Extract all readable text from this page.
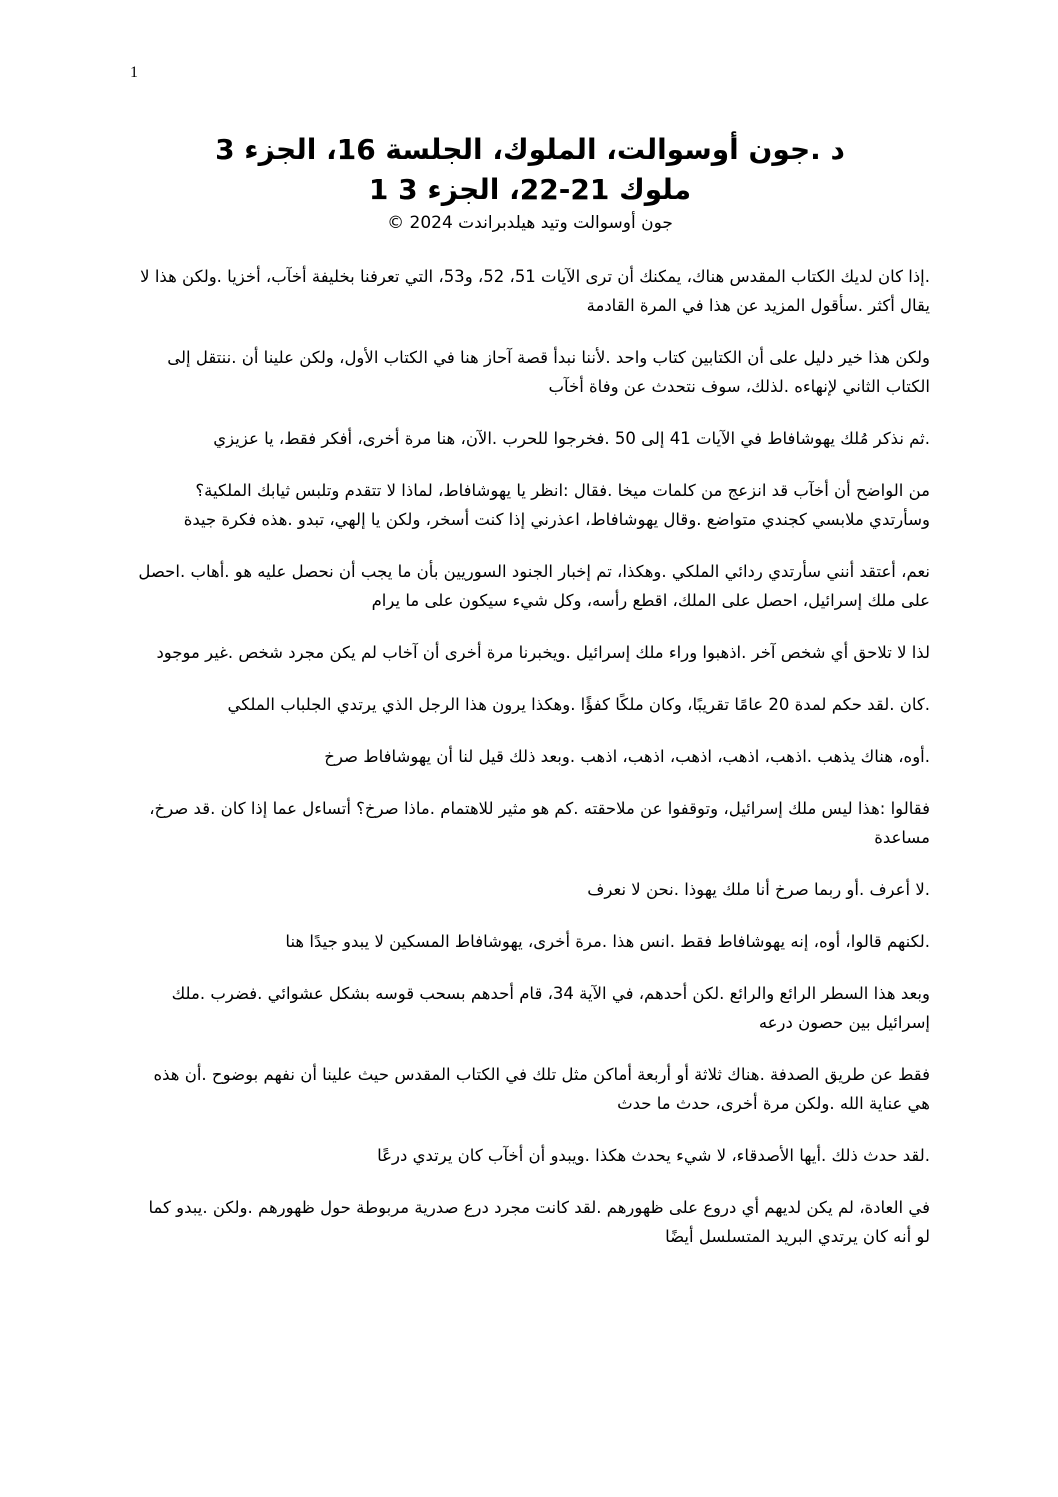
1

د .جون أوسوالت، الملوك، الجلسة 16، الجزء 3

ملوك 21-22، الجزء 3 1

جون أوسوالت وتيد هيلدبراندت 2024 ©

.إذا كان لديك الكتاب المقدس هناك، يمكنك أن ترى الآيات 51، 52، و53، التي تعرفنا بخليفة أخآب، أخزيا .ولكن هذا لا يقال أكثر .سأقول المزيد عن هذا في المرة القادمة

ولكن هذا خير دليل على أن الكتابين كتاب واحد .لأننا نبدأ قصة آحاز هنا في الكتاب الأول، ولكن علينا أن .ننتقل إلى الكتاب الثاني لإنهاءه .لذلك، سوف نتحدث عن وفاة أخآب

.ثم نذكر مُلك يهوشافاط في الآيات 41 إلى 50 .فخرجوا للحرب .الآن، هنا مرة أخرى، أفكر فقط، يا عزيزي

من الواضح أن أخآب قد انزعج من كلمات ميخا .فقال :انظر يا يهوشافاط، لماذا لا تتقدم وتلبس ثيابك الملكية؟ وسأرتدي ملابسي كجندي متواضع .وقال يهوشافاط، اعذرني إذا كنت أسخر، ولكن يا إلهي، تبدو .هذه فكرة جيدة

نعم، أعتقد أنني سأرتدي ردائي الملكي .وهكذا، تم إخبار الجنود السوريين بأن ما يجب أن نحصل عليه هو .أهاب .احصل على ملك إسرائيل، احصل على الملك، اقطع رأسه، وكل شيء سيكون على ما يرام

لذا لا تلاحق أي شخص آخر .اذهبوا وراء ملك إسرائيل .ويخبرنا مرة أخرى أن آخاب لم يكن مجرد شخص .غير موجود

.كان .لقد حكم لمدة 20 عامًا تقريبًا، وكان ملكًا كفؤًا .وهكذا يرون هذا الرجل الذي يرتدي الجلباب الملكي

.أوه، هناك يذهب .اذهب، اذهب، اذهب، اذهب، اذهب .وبعد ذلك قيل لنا أن يهوشافاط صرخ

فقالوا :هذا ليس ملك إسرائيل، وتوقفوا عن ملاحقته .كم هو مثير للاهتمام .ماذا صرخ؟ أتساءل عما إذا كان .قد صرخ، مساعدة

.لا أعرف .أو ربما صرخ أنا ملك يهوذا .نحن لا نعرف

.لكنهم قالوا، أوه، إنه يهوشافاط فقط .انس هذا .مرة أخرى، يهوشافاط المسكين لا يبدو جيدًا هنا

وبعد هذا السطر الرائع والرائع .لكن أحدهم، في الآية 34، قام أحدهم بسحب قوسه بشكل عشوائي .فضرب .ملك إسرائيل بين حصون درعه

فقط عن طريق الصدفة .هناك ثلاثة أو أربعة أماكن مثل تلك في الكتاب المقدس حيث علينا أن نفهم بوضوح .أن هذه هي عناية الله .ولكن مرة أخرى، حدث ما حدث

.لقد حدث ذلك .أيها الأصدقاء، لا شيء يحدث هكذا .ويبدو أن أخآب كان يرتدي درعًا

في العادة، لم يكن لديهم أي دروع على ظهورهم .لقد كانت مجرد درع صدرية مربوطة حول ظهورهم .ولكن .يبدو كما لو أنه كان يرتدي البريد المتسلسل أيضًا
